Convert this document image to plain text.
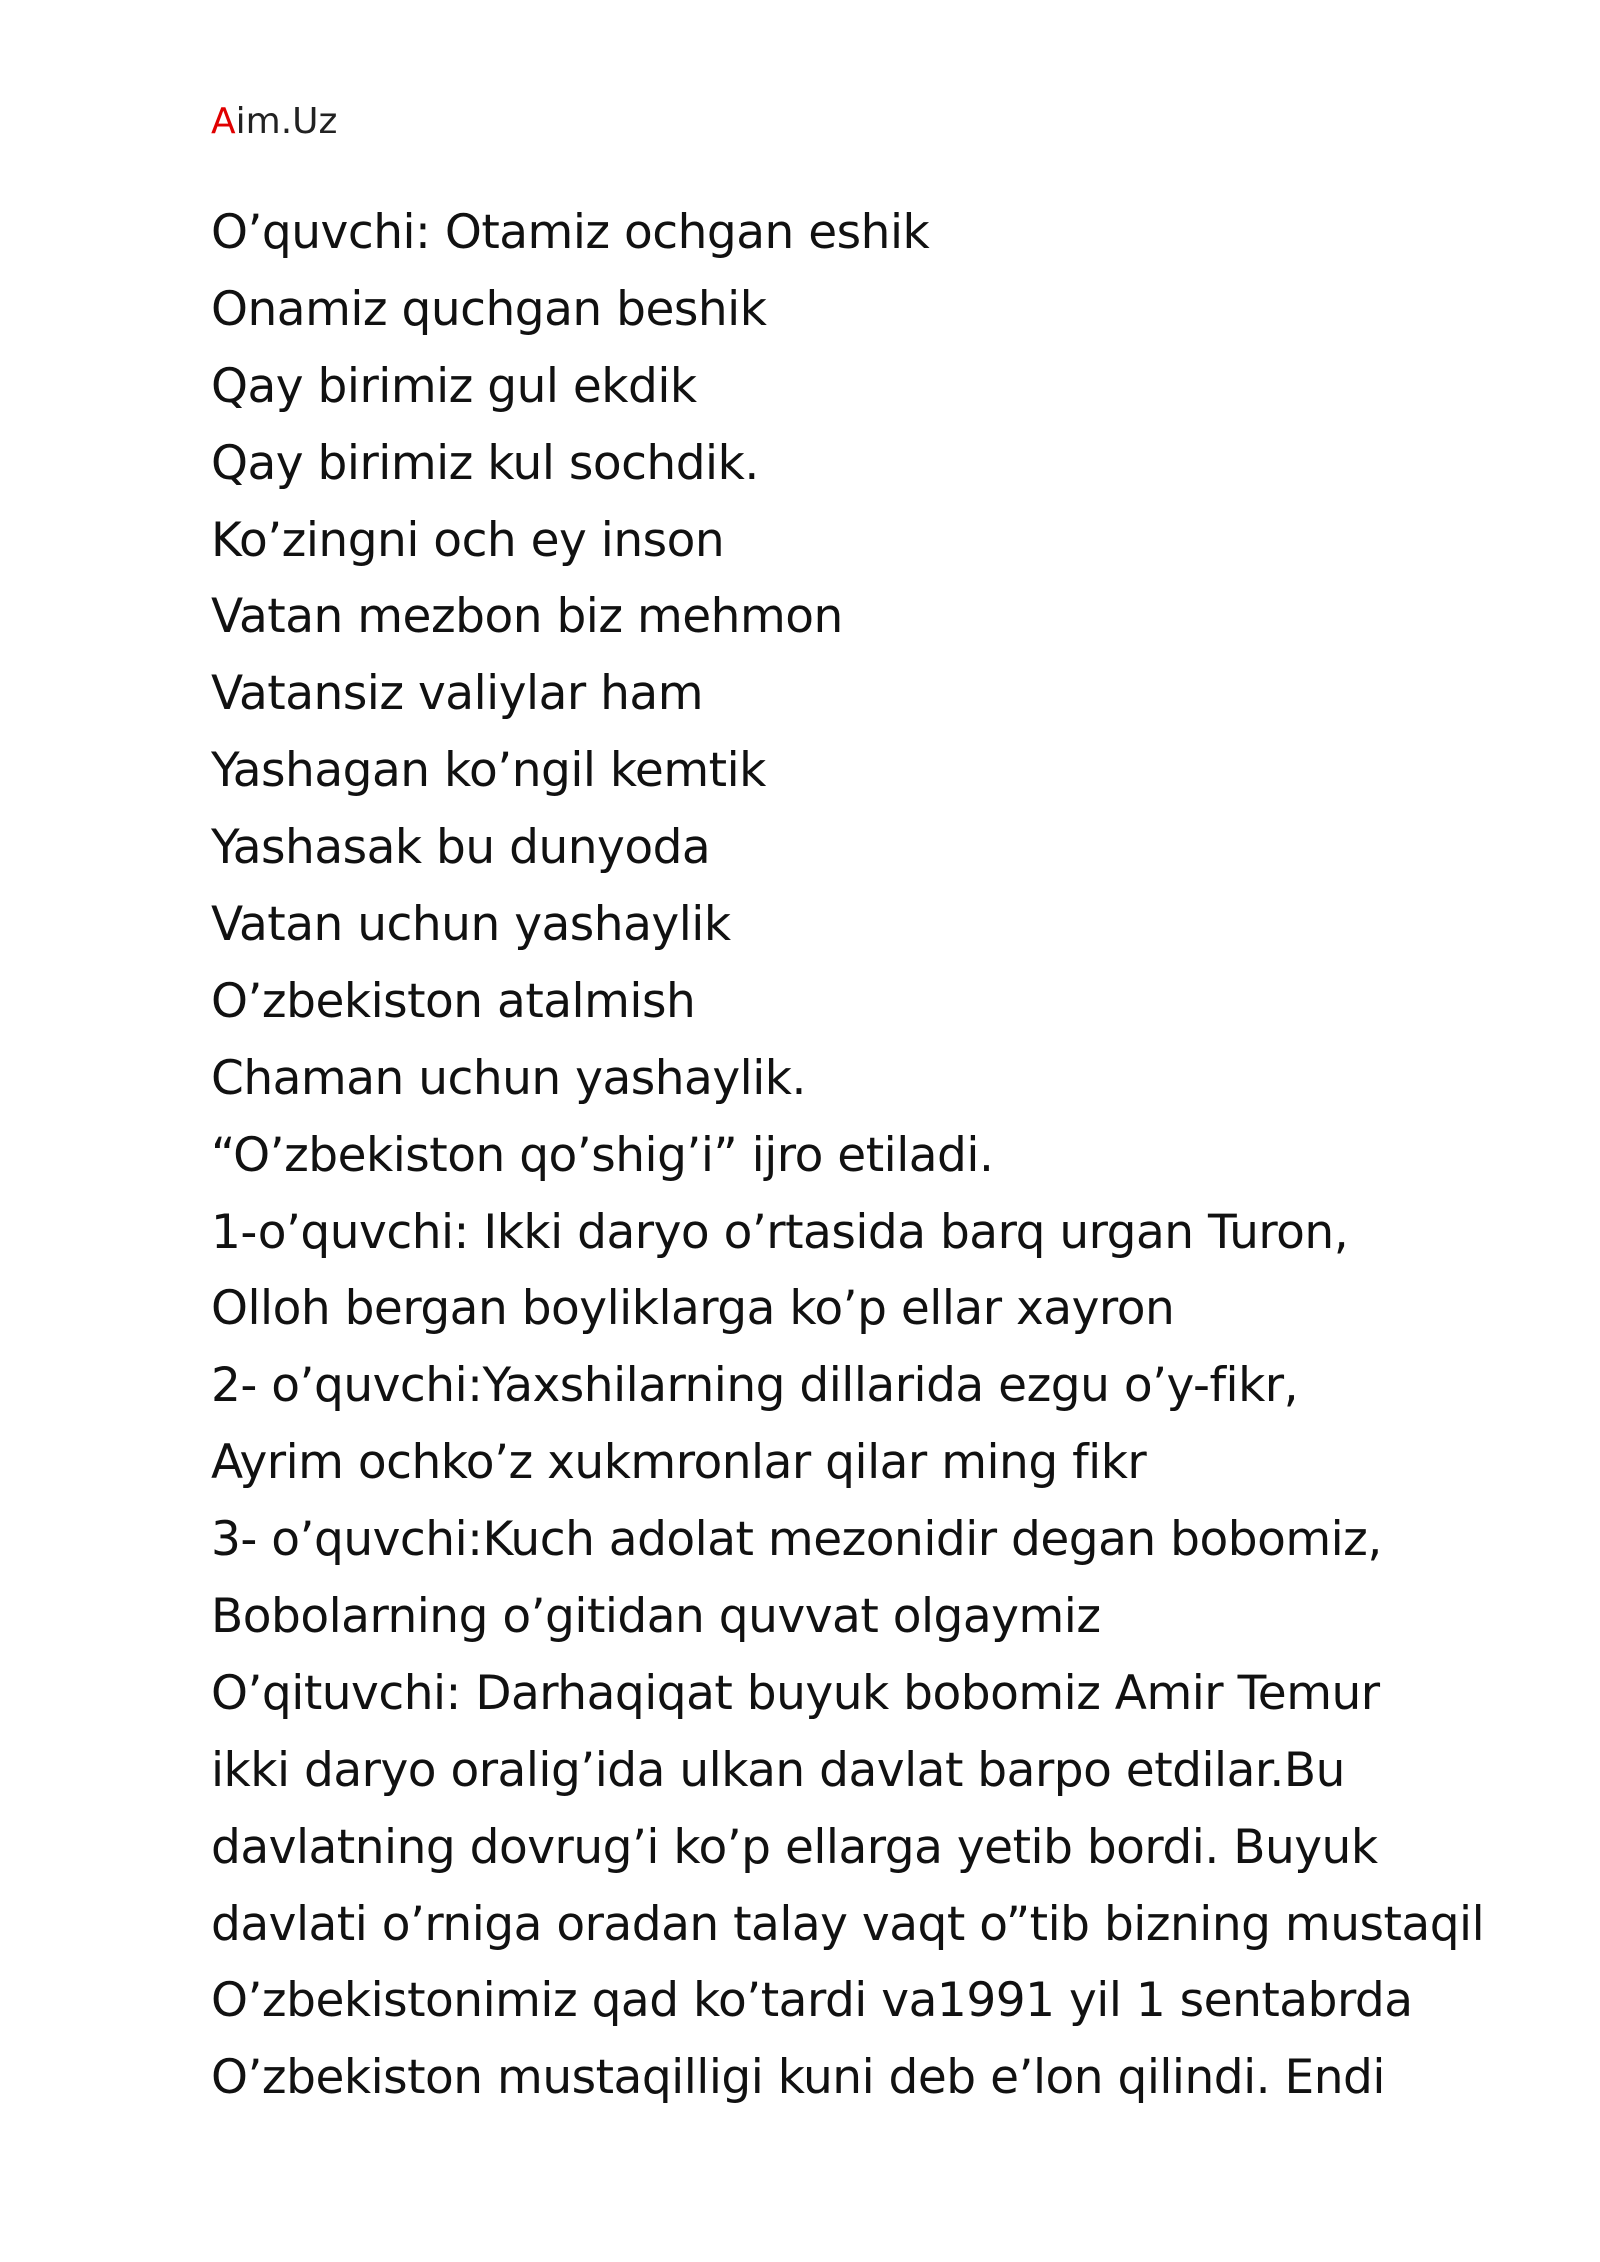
Aim.Uz
O’quvchi: Otamiz ochgan eshik
Onamiz quchgan beshik
Qay birimiz gul ekdik
Qay birimiz kul sochdik.
Ko’zingni och ey inson
Vatan mezbon biz mehmon
Vatansiz valiylar ham
Yashagan ko’ngil kemtik
Yashasak bu dunyoda
Vatan uchun yashaylik
O’zbekiston atalmish
Chaman uchun yashaylik.
“O’zbekiston qo’shig’i” ijro etiladi.
1-o’quvchi: Ikki daryo o’rtasida barq urgan Turon,
Olloh bergan boyliklarga ko’p ellar xayron
2- o’quvchi:Yaxshilarning dillarida ezgu o’y-fikr,
Ayrim ochko’z xukmronlar qilar ming fikr
3- o’quvchi:Kuch adolat mezonidir degan bobomiz,
Bobolarning o’gitidan quvvat olgaymiz
O’qituvchi: Darhaqiqat buyuk bobomiz Amir Temur
ikki daryo oralig’ida ulkan davlat barpo etdilar.Bu
davlatning dovrug’i ko’p ellarga yetib bordi. Buyuk
davlati o’rniga oradan talay vaqt o”tib bizning mustaqil
O’zbekistonimiz qad ko’tardi va1991 yil 1 sentabrda
O’zbekiston mustaqilligi kuni deb e’lon qilindi. Endi
